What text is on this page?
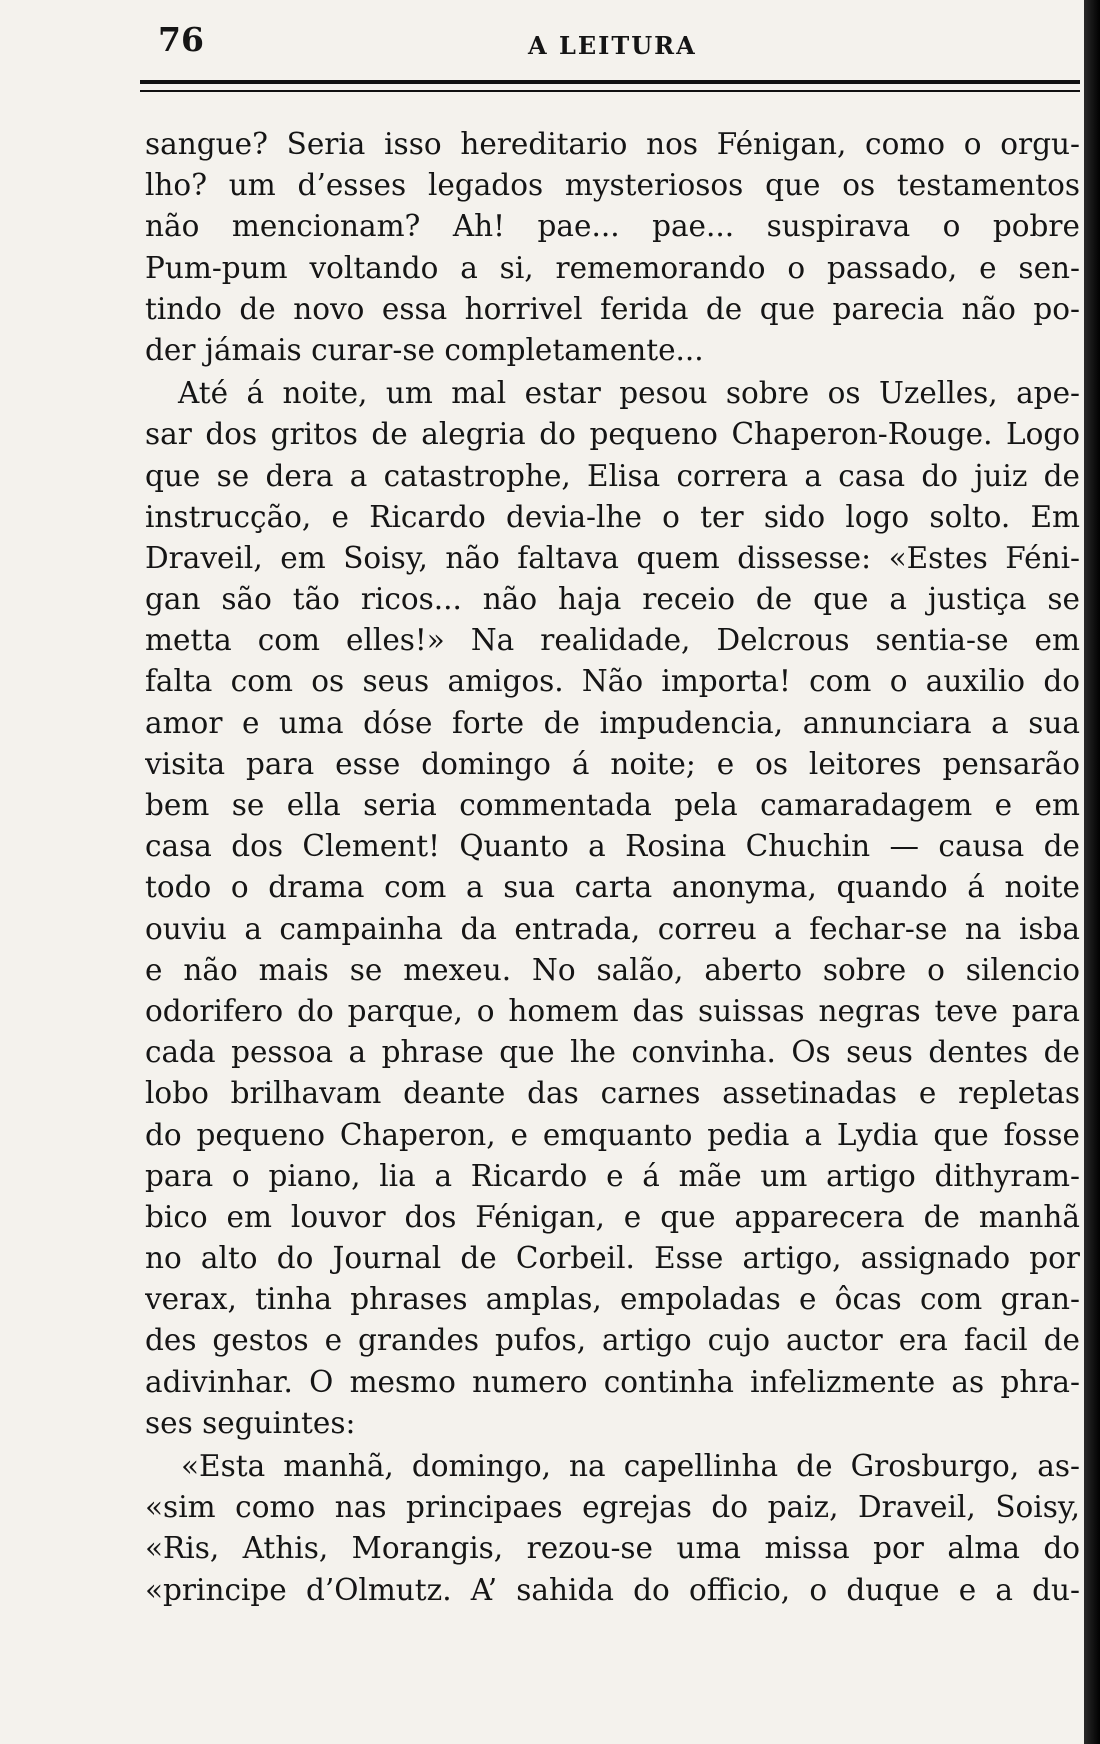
76	A LEITURA
sangue? Seria isso hereditario nos Fénigan, como o orgu-
lho? um d’esses legados mysteriosos que os testamentos
não mencionam? Ah! pae... pae... suspirava o pobre
Pum-pum voltando a si, rememorando o passado, e sen-
tindo de novo essa horrivel ferida de que parecia não po-
der jámais curar-se completamente...
Até á noite, um mal estar pesou sobre os Uzelles, ape-
sar dos gritos de alegria do pequeno Chaperon-Rouge. Logo
que se dera a catastrophe, Elisa correra a casa do juiz de
instrucção, e Ricardo devia-lhe o ter sido logo solto. Em
Draveil, em Soisy, não faltava quem dissesse: «Estes Féni-
gan são tão ricos... não haja receio de que a justiça se
metta com elles!» Na realidade, Delcrous sentia-se em
falta com os seus amigos. Não importa! com o auxilio do
amor e uma dóse forte de impudencia, annunciara a sua
visita para esse domingo á noite; e os leitores pensarão
bem se ella seria commentada pela camaradagem e em
casa dos Clement! Quanto a Rosina Chuchin — causa de
todo o drama com a sua carta anonyma, quando á noite
ouviu a campainha da entrada, correu a fechar-se na isba
e não mais se mexeu. No salão, aberto sobre o silencio
odorifero do parque, o homem das suissas negras teve para
cada pessoa a phrase que lhe convinha. Os seus dentes de
lobo brilhavam deante das carnes assetinadas e repletas
do pequeno Chaperon, e emquanto pedia a Lydia que fosse
para o piano, lia a Ricardo e á mãe um artigo dithyram-
bico em louvor dos Fénigan, e que apparecera de manhã
no alto do Journal de Corbeil. Esse artigo, assignado por
verax, tinha phrases amplas, empoladas e ôcas com gran-
des gestos e grandes pufos, artigo cujo auctor era facil de
adivinhar. O mesmo numero continha infelizmente as phra-
ses seguintes:
«Esta manhã, domingo, na capellinha de Grosburgo, as-
«sim como nas principaes egrejas do paiz, Draveil, Soisy,
«Ris, Athis, Morangis, rezou-se uma missa por alma do
«principe d’Olmutz. A’ sahida do officio, o duque e a du-
